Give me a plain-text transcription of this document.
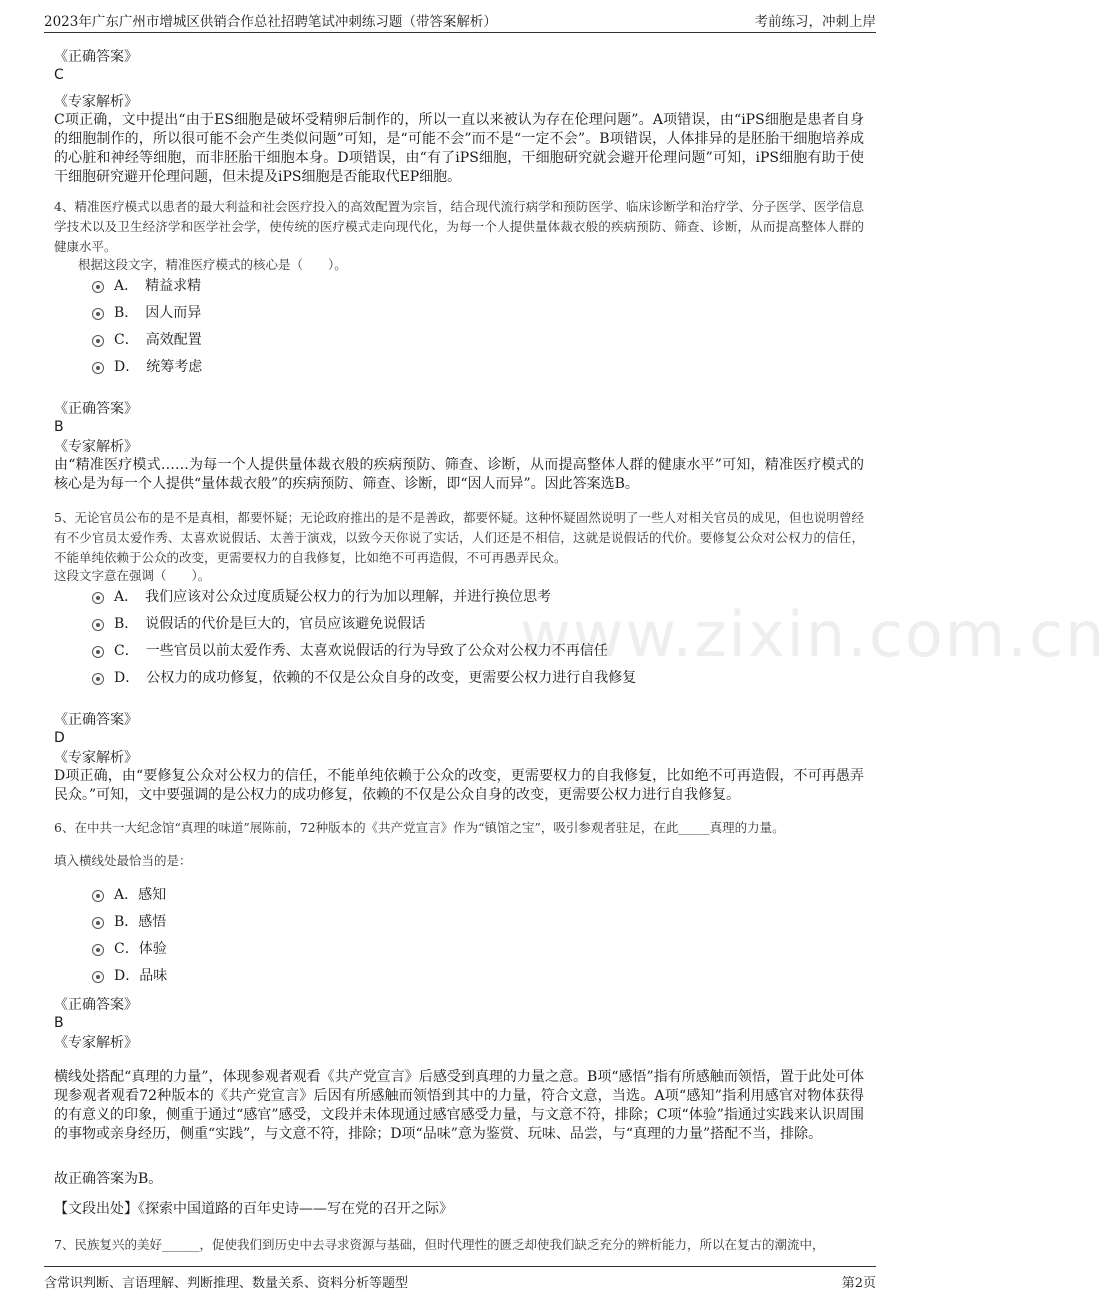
2023年广东广州市增城区供销合作总社招聘笔试冲刺练习题（带答案解析）	考前练习，冲刺上岸
www.zixin.com.cn
《正确答案》
C
《专家解析》
C项正确，文中提出“由于ES细胞是破坏受精卵后制作的，所以一直以来被认为存在伦理问题”。A项错误，由“iPS细胞是患者自身的细胞制作的，所以很可能不会产生类似问题”可知，是“可能不会”而不是“一定不会”。B项错误，人体排异的是胚胎干细胞培养成的心脏和神经等细胞，而非胚胎干细胞本身。D项错误，由“有了iPS细胞，干细胞研究就会避开伦理问题”可知，iPS细胞有助于使干细胞研究避开伦理问题，但未提及iPS细胞是否能取代EP细胞。
4、精准医疗模式以患者的最大利益和社会医疗投入的高效配置为宗旨，结合现代流行病学和预防医学、临床诊断学和治疗学、分子医学、医学信息学技术以及卫生经济学和医学社会学，使传统的医疗模式走向现代化，为每一个人提供量体裁衣般的疾病预防、筛查、诊断，从而提高整体人群的健康水平。
根据这段文字，精准医疗模式的核心是（　　）。
A．　精益求精
B．　因人而异
C．　高效配置
D．　统筹考虑
《正确答案》
B
《专家解析》
由“精准医疗模式……为每一个人提供量体裁衣般的疾病预防、筛查、诊断，从而提高整体人群的健康水平”可知，精准医疗模式的核心是为每一个人提供“量体裁衣般”的疾病预防、筛查、诊断，即“因人而异”。因此答案选B。
5、无论官员公布的是不是真相，都要怀疑；无论政府推出的是不是善政，都要怀疑。这种怀疑固然说明了一些人对相关官员的成见，但也说明曾经有不少官员太爱作秀、太喜欢说假话、太善于演戏，以致今天你说了实话，人们还是不相信，这就是说假话的代价。要修复公众对公权力的信任，不能单纯依赖于公众的改变，更需要权力的自我修复，比如绝不可再造假，不可再愚弄民众。
这段文字意在强调（　　）。
A．　我们应该对公众过度质疑公权力的行为加以理解，并进行换位思考
B．　说假话的代价是巨大的，官员应该避免说假话
C．　一些官员以前太爱作秀、太喜欢说假话的行为导致了公众对公权力不再信任
D．　公权力的成功修复，依赖的不仅是公众自身的改变，更需要公权力进行自我修复
《正确答案》
D
《专家解析》
D项正确，由“要修复公众对公权力的信任，不能单纯依赖于公众的改变，更需要权力的自我修复，比如绝不可再造假，不可再愚弄民众。”可知，文中要强调的是公权力的成功修复，依赖的不仅是公众自身的改变，更需要公权力进行自我修复。
6、在中共一大纪念馆“真理的味道”展陈前，72种版本的《共产党宣言》作为“镇馆之宝”，吸引参观者驻足，在此_____真理的力量。
填入横线处最恰当的是：
A．感知
B．感悟
C．体验
D．品味
《正确答案》
B
《专家解析》
横线处搭配“真理的力量”，体现参观者观看《共产党宣言》后感受到真理的力量之意。B项“感悟”指有所感触而领悟，置于此处可体现参观者观看72种版本的《共产党宣言》后因有所感触而领悟到其中的力量，符合文意，当选。A项“感知”指利用感官对物体获得的有意义的印象，侧重于通过“感官”感受，文段并未体现通过感官感受力量，与文意不符，排除；C项“体验”指通过实践来认识周围的事物或亲身经历，侧重“实践”，与文意不符，排除；D项“品味”意为鉴赏、玩味、品尝，与“真理的力量”搭配不当，排除。
故正确答案为B。
【文段出处】《探索中国道路的百年史诗——写在党的召开之际》
7、民族复兴的美好______，促使我们到历史中去寻求资源与基础，但时代理性的匮乏却使我们缺乏充分的辨析能力，所以在复古的潮流中，
含常识判断、言语理解、判断推理、数量关系、资料分析等题型	第2页
